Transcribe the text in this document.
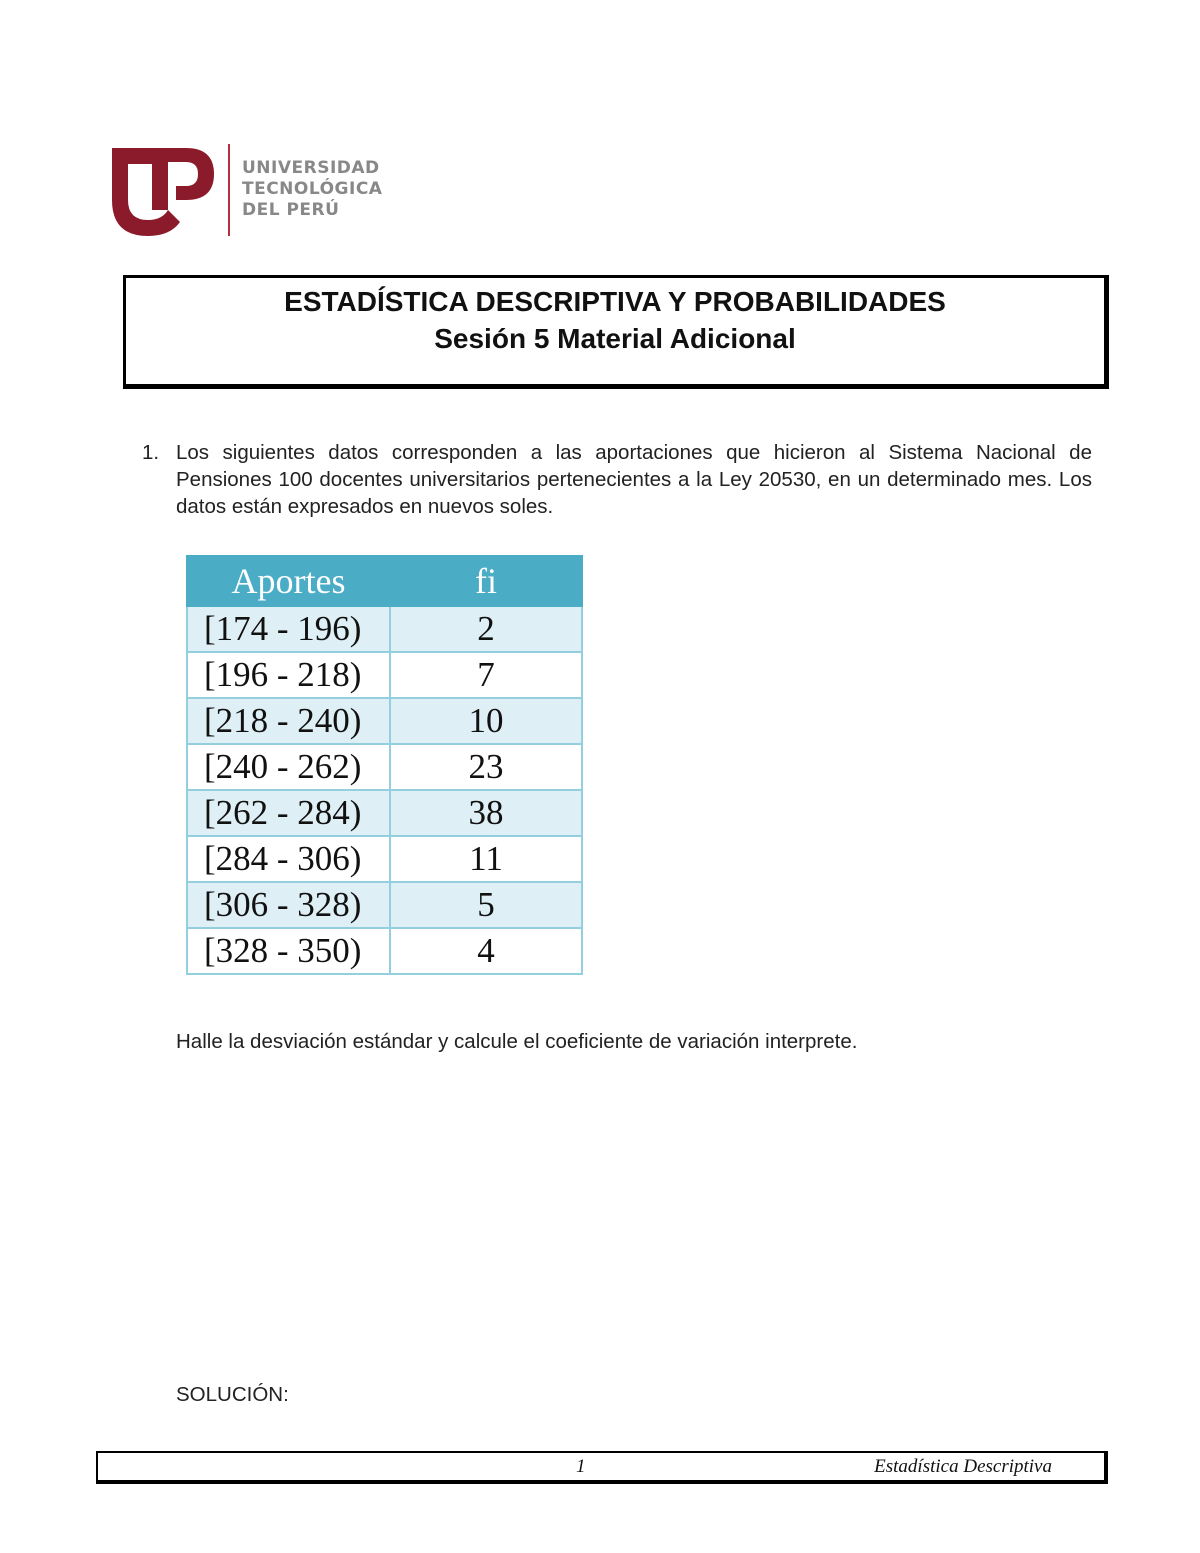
UNIVERSIDAD
TECNOLÓGICA
DEL PERÚ
ESTADÍSTICA DESCRIPTIVA Y PROBABILIDADES
Sesión 5 Material Adicional
1. Los siguientes datos corresponden a las aportaciones que hicieron al Sistema Nacional de Pensiones 100 docentes universitarios pertenecientes a la Ley 20530, en un determinado mes. Los datos están expresados en nuevos soles.
Aportes	fi
[174 - 196)	2
[196 - 218)	7
[218 - 240)	10
[240 - 262)	23
[262 - 284)	38
[284 - 306)	11
[306 - 328)	5
[328 - 350)	4
Halle la desviación estándar y calcule el coeficiente de variación interprete.
SOLUCIÓN:
1	Estadística Descriptiva
